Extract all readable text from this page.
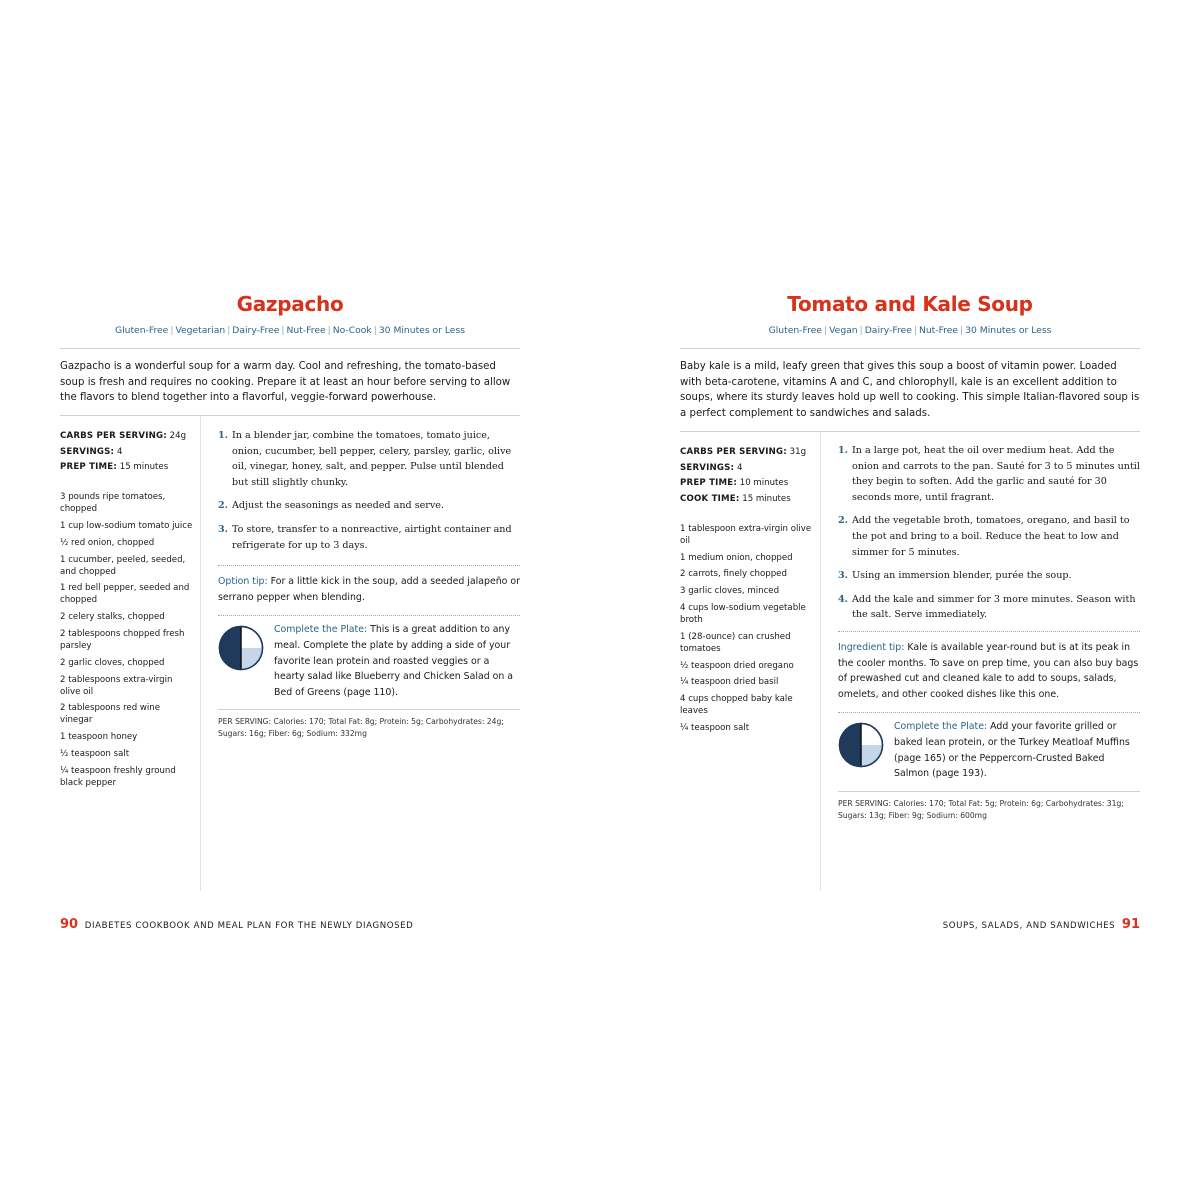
Gazpacho
Gluten-Free | Vegetarian | Dairy-Free | Nut-Free | No-Cook | 30 Minutes or Less
Gazpacho is a wonderful soup for a warm day. Cool and refreshing, the tomato-based soup is fresh and requires no cooking. Prepare it at least an hour before serving to allow the flavors to blend together into a flavorful, veggie-forward powerhouse.
CARBS PER SERVING: 24g
SERVINGS: 4
PREP TIME: 15 minutes
3 pounds ripe tomatoes, chopped
1 cup low-sodium tomato juice
½ red onion, chopped
1 cucumber, peeled, seeded, and chopped
1 red bell pepper, seeded and chopped
2 celery stalks, chopped
2 tablespoons chopped fresh parsley
2 garlic cloves, chopped
2 tablespoons extra-virgin olive oil
2 tablespoons red wine vinegar
1 teaspoon honey
½ teaspoon salt
¼ teaspoon freshly ground black pepper
1. In a blender jar, combine the tomatoes, tomato juice, onion, cucumber, bell pepper, celery, parsley, garlic, olive oil, vinegar, honey, salt, and pepper. Pulse until blended but still slightly chunky.
2. Adjust the seasonings as needed and serve.
3. To store, transfer to a nonreactive, airtight container and refrigerate for up to 3 days.
Option tip: For a little kick in the soup, add a seeded jalapeño or serrano pepper when blending.
Complete the Plate: This is a great addition to any meal. Complete the plate by adding a side of your favorite lean protein and roasted veggies or a hearty salad like Blueberry and Chicken Salad on a Bed of Greens (page 110).
PER SERVING: Calories: 170; Total Fat: 8g; Protein: 5g; Carbohydrates: 24g; Sugars: 16g; Fiber: 6g; Sodium: 332mg
90 DIABETES COOKBOOK AND MEAL PLAN FOR THE NEWLY DIAGNOSED
Tomato and Kale Soup
Gluten-Free | Vegan | Dairy-Free | Nut-Free | 30 Minutes or Less
Baby kale is a mild, leafy green that gives this soup a boost of vitamin power. Loaded with beta-carotene, vitamins A and C, and chlorophyll, kale is an excellent addition to soups, where its sturdy leaves hold up well to cooking. This simple Italian-flavored soup is a perfect complement to sandwiches and salads.
CARBS PER SERVING: 31g
SERVINGS: 4
PREP TIME: 10 minutes
COOK TIME: 15 minutes
1 tablespoon extra-virgin olive oil
1 medium onion, chopped
2 carrots, finely chopped
3 garlic cloves, minced
4 cups low-sodium vegetable broth
1 (28-ounce) can crushed tomatoes
½ teaspoon dried oregano
¼ teaspoon dried basil
4 cups chopped baby kale leaves
¼ teaspoon salt
1. In a large pot, heat the oil over medium heat. Add the onion and carrots to the pan. Sauté for 3 to 5 minutes until they begin to soften. Add the garlic and sauté for 30 seconds more, until fragrant.
2. Add the vegetable broth, tomatoes, oregano, and basil to the pot and bring to a boil. Reduce the heat to low and simmer for 5 minutes.
3. Using an immersion blender, purée the soup.
4. Add the kale and simmer for 3 more minutes. Season with the salt. Serve immediately.
Ingredient tip: Kale is available year-round but is at its peak in the cooler months. To save on prep time, you can also buy bags of prewashed cut and cleaned kale to add to soups, salads, omelets, and other cooked dishes like this one.
Complete the Plate: Add your favorite grilled or baked lean protein, or the Turkey Meatloaf Muffins (page 165) or the Peppercorn-Crusted Baked Salmon (page 193).
PER SERVING: Calories: 170; Total Fat: 5g; Protein: 6g; Carbohydrates: 31g; Sugars: 13g; Fiber: 9g; Sodium: 600mg
SOUPS, SALADS, AND SANDWICHES 91
